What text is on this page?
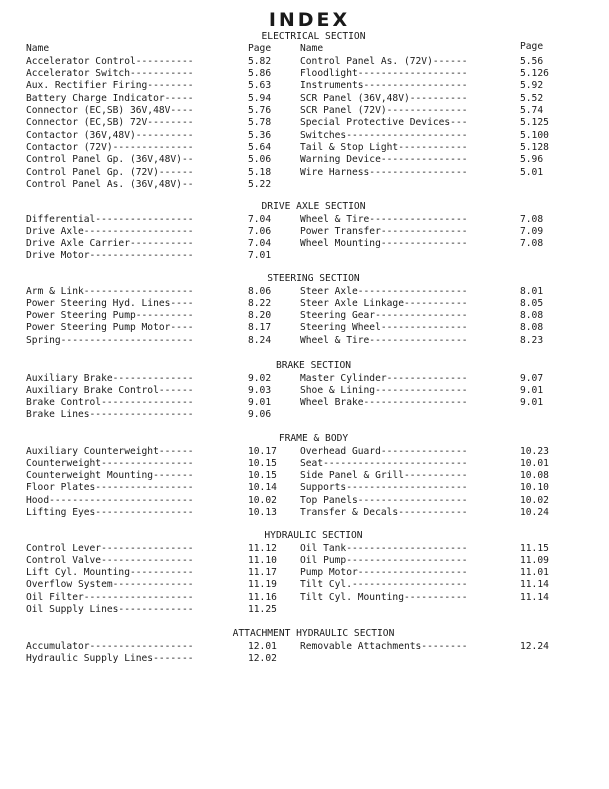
INDEX
ELECTRICAL SECTION
Name	Page	Name	Page
Accelerator Control----------	5.82	Control Panel As. (72V)------	5.56
Accelerator Switch-----------	5.86	Floodlight-------------------	5.126
Aux. Rectifier Firing--------	5.63	Instruments------------------	5.92
Battery Charge Indicator-----	5.94	SCR Panel (36V,48V)----------	5.52
Connector (EC,SB) 36V,48V----	5.76	SCR Panel (72V)--------------	5.74
Connector (EC,SB) 72V--------	5.78	Special Protective Devices---	5.125
Contactor (36V,48V)----------	5.36	Switches---------------------	5.100
Contactor (72V)--------------	5.64	Tail & Stop Light------------	5.128
Control Panel Gp. (36V,48V)--	5.06	Warning Device---------------	5.96
Control Panel Gp. (72V)------	5.18	Wire Harness-----------------	5.01
Control Panel As. (36V,48V)--	5.22
DRIVE AXLE SECTION
Differential-----------------	7.04	Wheel & Tire-----------------	7.08
Drive Axle-------------------	7.06	Power Transfer---------------	7.09
Drive Axle Carrier-----------	7.04	Wheel Mounting---------------	7.08
Drive Motor------------------	7.01
STEERING SECTION
Arm & Link-------------------	8.06	Steer Axle-------------------	8.01
Power Steering Hyd. Lines----	8.22	Steer Axle Linkage-----------	8.05
Power Steering Pump----------	8.20	Steering Gear----------------	8.08
Power Steering Pump Motor----	8.17	Steering Wheel---------------	8.08
Spring-----------------------	8.24	Wheel & Tire-----------------	8.23
BRAKE SECTION
Auxiliary Brake--------------	9.02	Master Cylinder--------------	9.07
Auxiliary Brake Control------	9.03	Shoe & Lining----------------	9.01
Brake Control----------------	9.01	Wheel Brake------------------	9.01
Brake Lines------------------	9.06
FRAME & BODY
Auxiliary Counterweight------	10.17 Overhead Guard---------------	10.23
Counterweight----------------	10.15 Seat-------------------------	10.01
Counterweight Mounting-------	10.15 Side Panel & Grill-----------	10.08
Floor Plates-----------------	10.14 Supports---------------------	10.10
Hood-------------------------	10.02 Top Panels-------------------	10.02
Lifting Eyes-----------------	10.13 Transfer & Decals------------	10.24
HYDRAULIC SECTION
Control Lever----------------	11.12 Oil Tank---------------------	11.15
Control Valve----------------	11.10 Oil Pump---------------------	11.09
Lift Cyl. Mounting-----------	11.17 Pump Motor-------------------	11.01
Overflow System--------------	11.19 Tilt Cyl.--------------------	11.14
Oil Filter-------------------	11.16 Tilt Cyl. Mounting-----------	11.14
Oil Supply Lines-------------	11.25
ATTACHMENT HYDRAULIC SECTION
Accumulator------------------	12.01 Removable Attachments--------	12.24
Hydraulic Supply Lines-------	12.02
